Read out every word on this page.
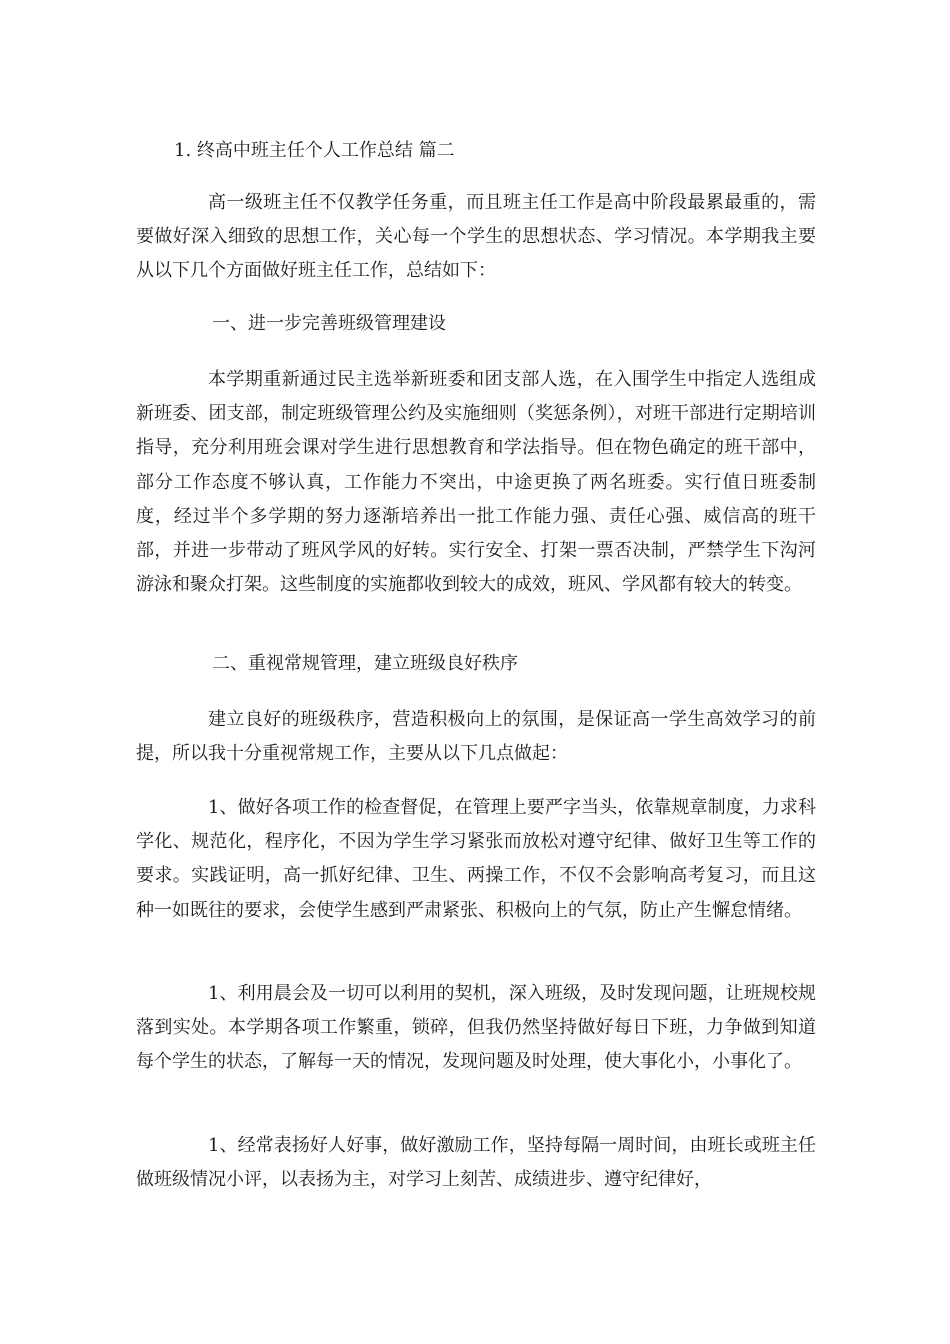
1. 终高中班主任个人工作总结 篇二

高一级班主任不仅教学任务重，而且班主任工作是高中阶段最累最重的，需要做好深入细致的思想工作，关心每一个学生的思想状态、学习情况。本学期我主要从以下几个方面做好班主任工作，总结如下：

一、进一步完善班级管理建设

本学期重新通过民主选举新班委和团支部人选，在入围学生中指定人选组成新班委、团支部，制定班级管理公约及实施细则（奖惩条例），对班干部进行定期培训指导，充分利用班会课对学生进行思想教育和学法指导。但在物色确定的班干部中，部分工作态度不够认真，工作能力不突出，中途更换了两名班委。实行值日班委制度，经过半个多学期的努力逐渐培养出一批工作能力强、责任心强、威信高的班干部，并进一步带动了班风学风的好转。实行安全、打架一票否决制，严禁学生下沟河游泳和聚众打架。这些制度的实施都收到较大的成效，班风、学风都有较大的转变。

二、重视常规管理，建立班级良好秩序

建立良好的班级秩序，营造积极向上的氛围，是保证高一学生高效学习的前提，所以我十分重视常规工作，主要从以下几点做起：

1、做好各项工作的检查督促，在管理上要严字当头，依靠规章制度，力求科学化、规范化，程序化，不因为学生学习紧张而放松对遵守纪律、做好卫生等工作的要求。实践证明，高一抓好纪律、卫生、两操工作，不仅不会影响高考复习，而且这种一如既往的要求，会使学生感到严肃紧张、积极向上的气氛，防止产生懈怠情绪。

1、利用晨会及一切可以利用的契机，深入班级，及时发现问题，让班规校规落到实处。本学期各项工作繁重，锁碎，但我仍然坚持做好每日下班，力争做到知道每个学生的状态，了解每一天的情况，发现问题及时处理，使大事化小，小事化了。

1、经常表扬好人好事，做好激励工作，坚持每隔一周时间，由班长或班主任做班级情况小评，以表扬为主，对学习上刻苦、成绩进步、遵守纪律好，
